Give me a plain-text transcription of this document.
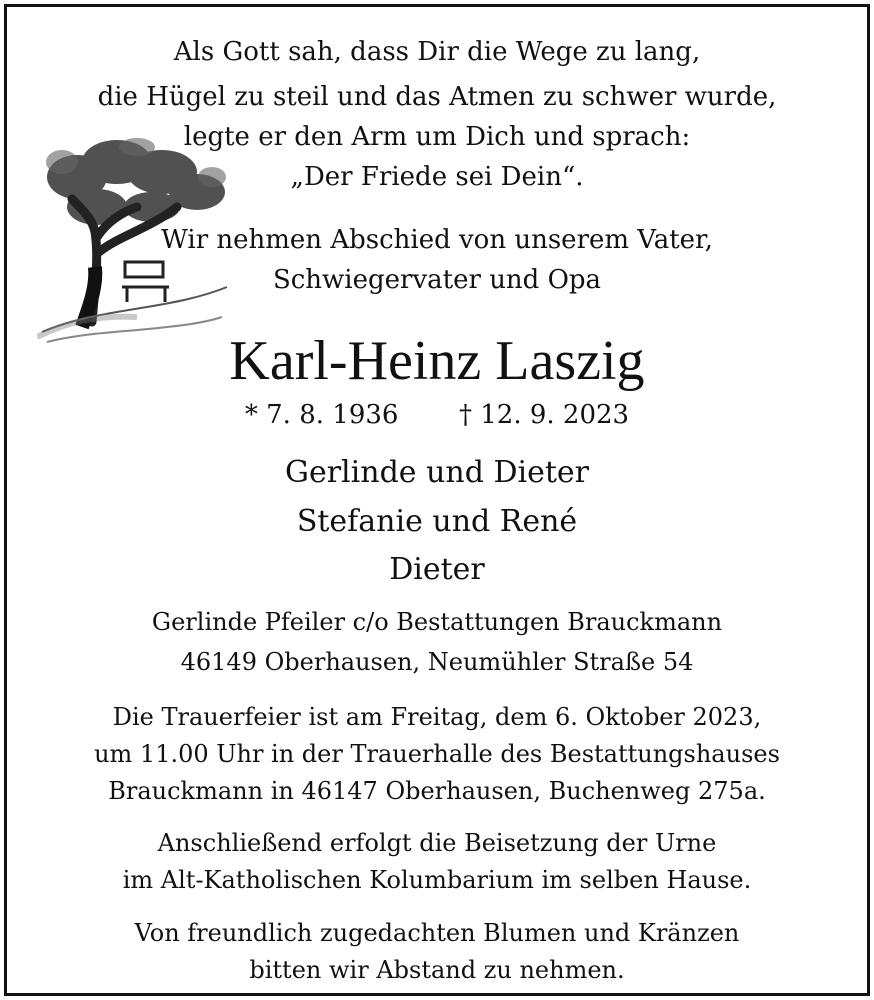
Als Gott sah, dass Dir die Wege zu lang,
die Hügel zu steil und das Atmen zu schwer wurde,
legte er den Arm um Dich und sprach:
„Der Friede sei Dein“.
Wir nehmen Abschied von unserem Vater,
Schwiegervater und Opa
Karl-Heinz Laszig
* 7. 8. 1936 † 12. 9. 2023
Gerlinde und Dieter
Stefanie und René
Dieter
Gerlinde Pfeiler c/o Bestattungen Brauckmann
46149 Oberhausen, Neumühler Straße 54
Die Trauerfeier ist am Freitag, dem 6. Oktober 2023,
um 11.00 Uhr in der Trauerhalle des Bestattungshauses
Brauckmann in 46147 Oberhausen, Buchenweg 275a.
Anschließend erfolgt die Beisetzung der Urne
im Alt-Katholischen Kolumbarium im selben Hause.
Von freundlich zugedachten Blumen und Kränzen
bitten wir Abstand zu nehmen.
